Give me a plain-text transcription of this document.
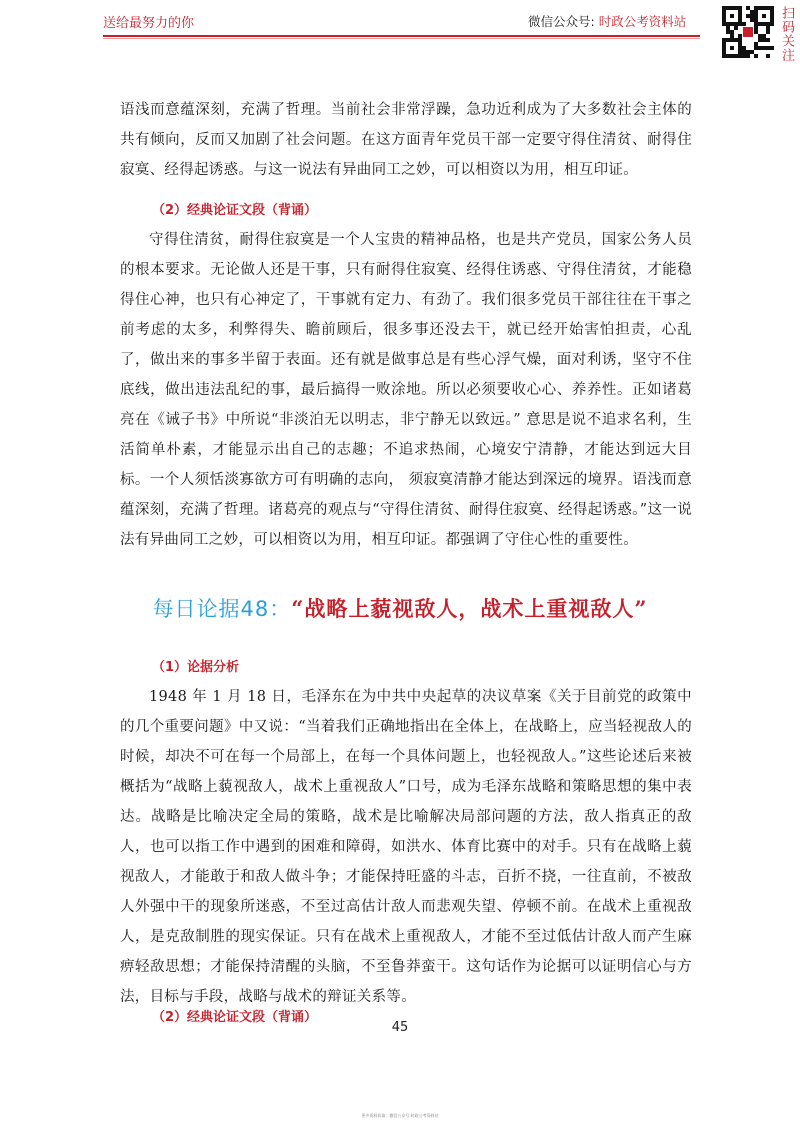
送给最努力的你	微信公众号: 时政公考资料站	扫码关注
语浅而意蕴深刻，充满了哲理。当前社会非常浮躁，急功近利成为了大多数社会主体的共有倾向，反而又加剧了社会问题。在这方面青年党员干部一定要守得住清贫、耐得住寂寞、经得起诱惑。与这一说法有异曲同工之妙，可以相资以为用，相互印证。
（2）经典论证文段（背诵）
守得住清贫，耐得住寂寞是一个人宝贵的精神品格，也是共产党员，国家公务人员的根本要求。无论做人还是干事，只有耐得住寂寞、经得住诱惑、守得住清贫，才能稳得住心神，也只有心神定了，干事就有定力、有劲了。我们很多党员干部往往在干事之前考虑的太多，利弊得失、瞻前顾后，很多事还没去干，就已经开始害怕担责，心乱了，做出来的事多半留于表面。还有就是做事总是有些心浮气燥，面对利诱，坚守不住底线，做出违法乱纪的事，最后搞得一败涂地。所以必须要收心心、养养性。正如诸葛亮在《诫子书》中所说“非淡泊无以明志，非宁静无以致远。” 意思是说不追求名利，生活简单朴素，才能显示出自己的志趣；不追求热闹，心境安宁清静，才能达到远大目标。一个人须恬淡寡欲方可有明确的志向， 须寂寞清静才能达到深远的境界。语浅而意蕴深刻，充满了哲理。诸葛亮的观点与“守得住清贫、耐得住寂寞、经得起诱惑。”这一说法有异曲同工之妙，可以相资以为用，相互印证。都强调了守住心性的重要性。
每日论据48：“战略上藐视敌人，战术上重视敌人”
（1）论据分析
1948 年 1 月 18 日，毛泽东在为中共中央起草的决议草案《关于目前党的政策中的几个重要问题》中又说：“当着我们正确地指出在全体上，在战略上，应当轻视敌人的时候，却决不可在每一个局部上，在每一个具体问题上，也轻视敌人。”这些论述后来被概括为“战略上藐视敌人，战术上重视敌人”口号，成为毛泽东战略和策略思想的集中表达。战略是比喻决定全局的策略，战术是比喻解决局部问题的方法，敌人指真正的敌人，也可以指工作中遇到的困难和障碍，如洪水、体育比赛中的对手。只有在战略上藐视敌人，才能敢于和敌人做斗争；才能保持旺盛的斗志，百折不挠，一往直前，不被敌人外强中干的现象所迷惑，不至过高估计敌人而悲观失望、停顿不前。在战术上重视敌人，是克敌制胜的现实保证。只有在战术上重视敌人，才能不至过低估计敌人而产生麻痹轻敌思想；才能保持清醒的头脑，不至鲁莽蛮干。这句话作为论据可以证明信心与方法，目标与手段，战略与战术的辩证关系等。
（2）经典论证文段（背诵）
45
更多资料获取：微信公众号 时政公考资料站
